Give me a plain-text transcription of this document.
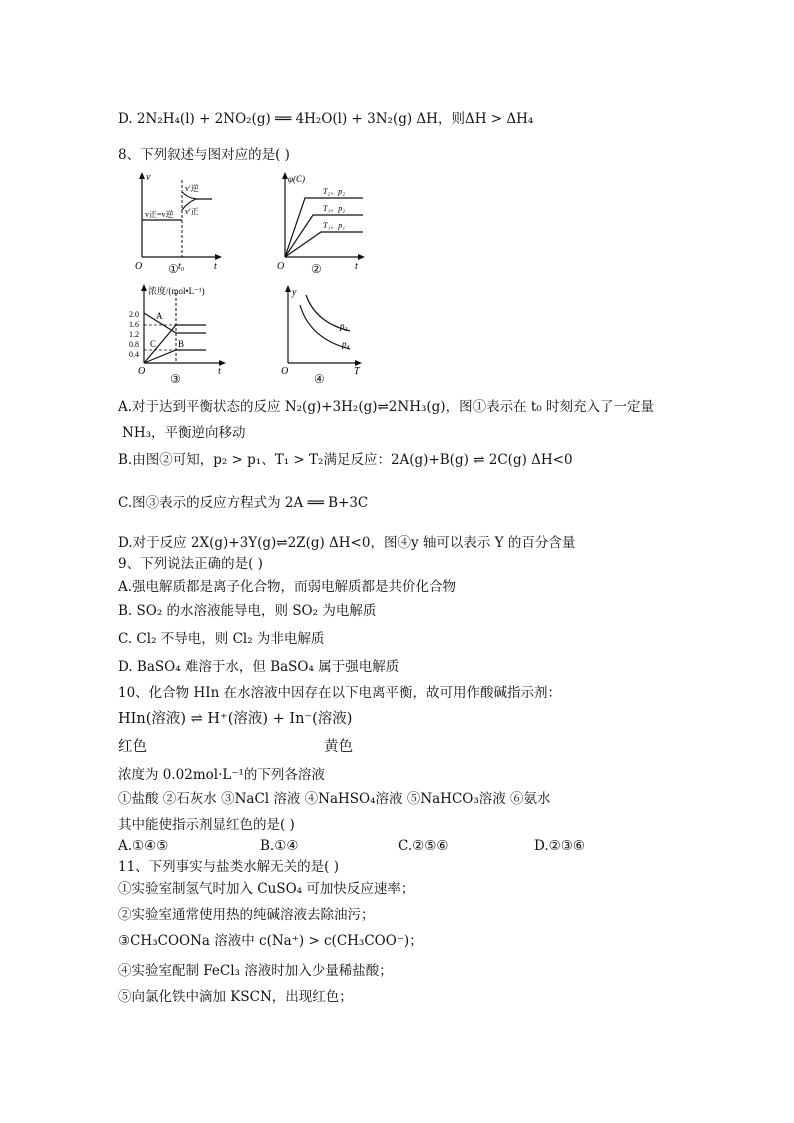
D. 2N₂H₄(l) + 2NO₂(g) ══ 4H₂O(l) + 3N₂(g) ΔH，则ΔH > ΔH₄
8、下列叙述与图对应的是( )
v
t
O	t₀
v正=v逆
v′逆
v′正
①
φ(C)
t
O
T₂、p₂
T₁、p₂
T₁、p₁
②
浓度/(mol•L⁻¹)
2.0
1.6
1.2
0.8
0.4
A
B
C
t
O
③
y
T
O
p₃
p₄
④
A.对于达到平衡状态的反应 N₂(g)+3H₂(g)⇌2NH₃(g)，图①表示在 t₀ 时刻充入了一定量
NH₃，平衡逆向移动
B.由图②可知，p₂ > p₁、T₁ > T₂满足反应：2A(g)+B(g) ⇌ 2C(g) ΔH<0
C.图③表示的反应方程式为 2A ══ B+3C
D.对于反应 2X(g)+3Y(g)⇌2Z(g) ΔH<0，图④y 轴可以表示 Y 的百分含量
9、下列说法正确的是( )
A.强电解质都是离子化合物，而弱电解质都是共价化合物
B. SO₂ 的水溶液能导电，则 SO₂ 为电解质
C. Cl₂ 不导电，则 Cl₂ 为非电解质
D. BaSO₄ 难溶于水，但 BaSO₄ 属于强电解质
10、化合物 HIn 在水溶液中因存在以下电离平衡，故可用作酸碱指示剂：
HIn(溶液) ⇌ H⁺(溶液) + In⁻(溶液)
红色	黄色
浓度为 0.02mol·L⁻¹的下列各溶液
①盐酸 ②石灰水 ③NaCl 溶液 ④NaHSO₄溶液 ⑤NaHCO₃溶液 ⑥氨水
其中能使指示剂显红色的是( )
A.①④⑤	B.①④	C.②⑤⑥	D.②③⑥
11、下列事实与盐类水解无关的是( )
①实验室制氢气时加入 CuSO₄ 可加快反应速率；
②实验室通常使用热的纯碱溶液去除油污；
③CH₃COONa 溶液中 c(Na⁺) > c(CH₃COO⁻)；
④实验室配制 FeCl₃ 溶液时加入少量稀盐酸；
⑤向氯化铁中滴加 KSCN，出现红色；
